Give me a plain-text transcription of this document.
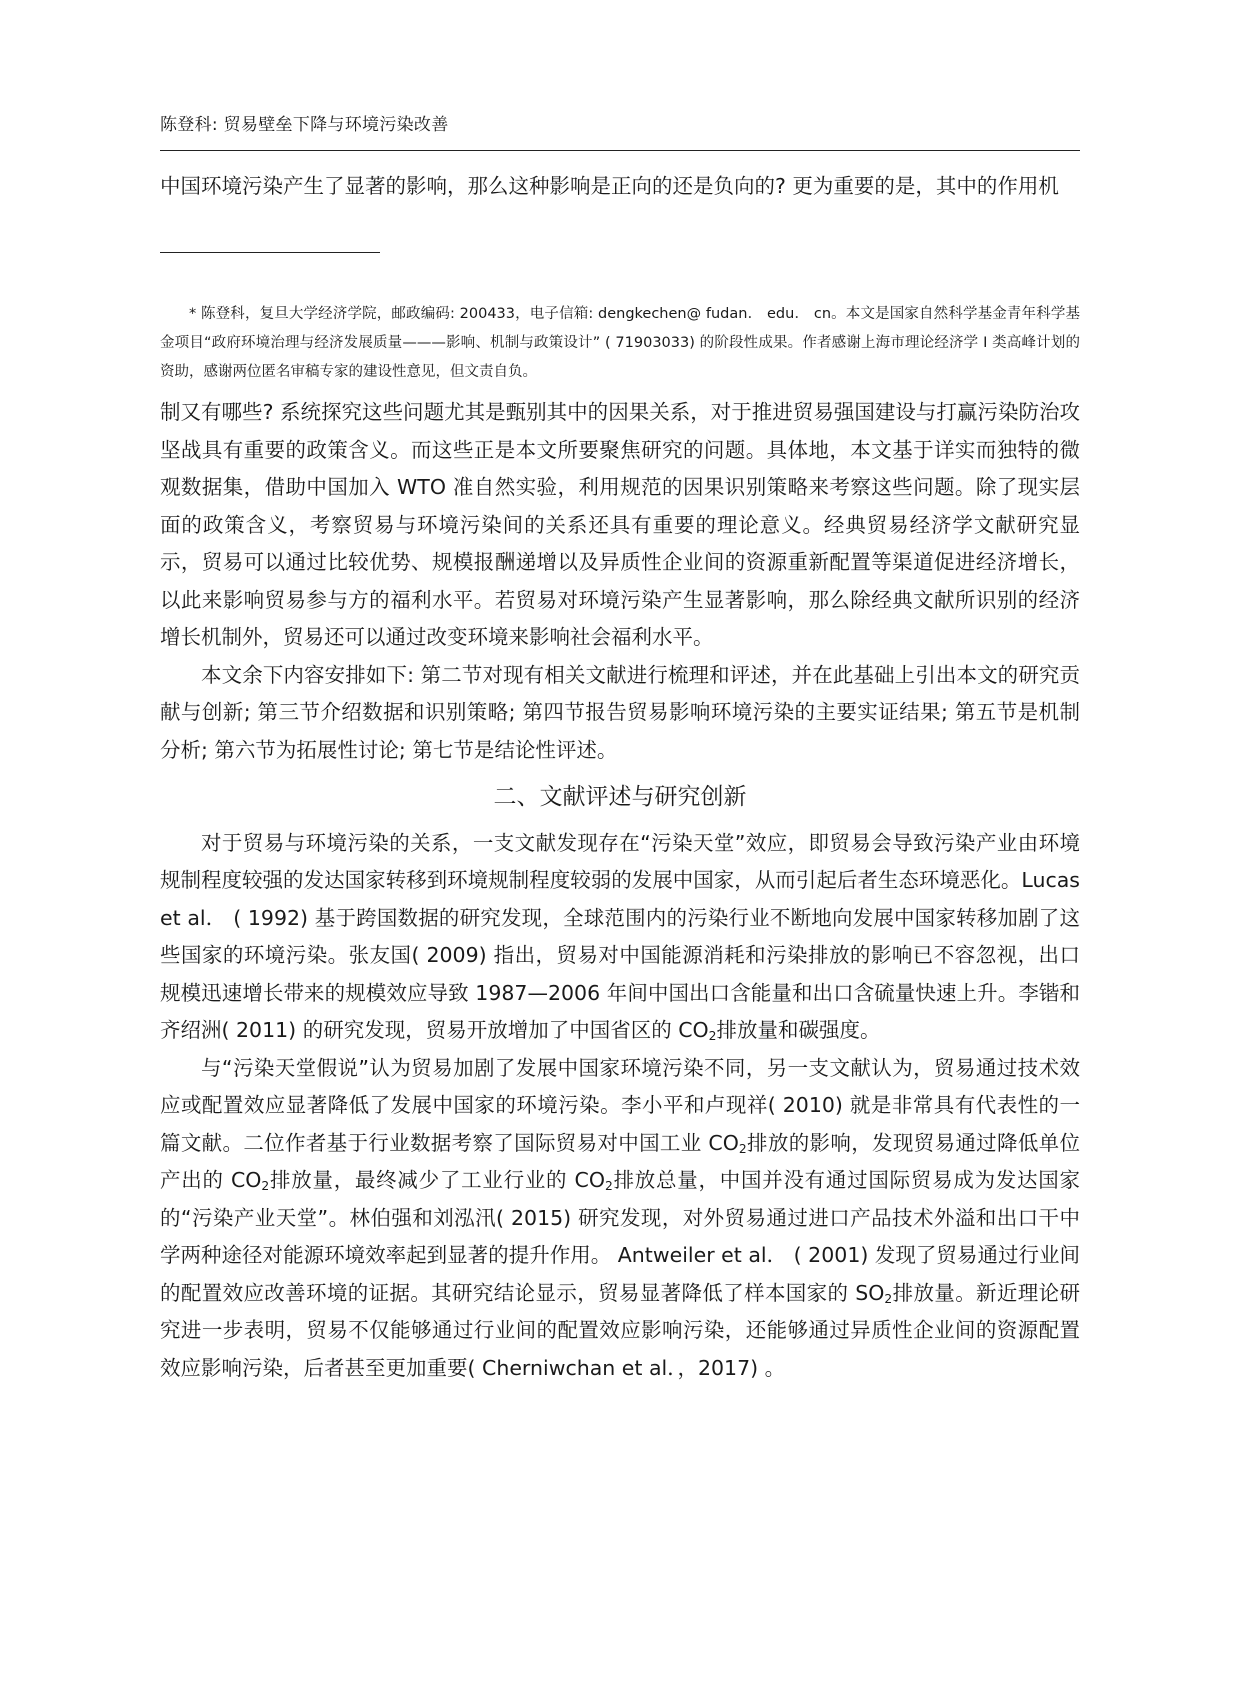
陈登科: 贸易壁垒下降与环境污染改善

中国环境污染产生了显著的影响，那么这种影响是正向的还是负向的? 更为重要的是，其中的作用机

* 陈登科，复旦大学经济学院，邮政编码: 200433，电子信箱: dengkechen@ fudan． edu． cn。本文是国家自然科学基金青年科学基金项目“政府环境治理与经济发展质量———影响、机制与政策设计” ( 71903033) 的阶段性成果。作者感谢上海市理论经济学 I 类高峰计划的资助，感谢两位匿名审稿专家的建设性意见，但文责自负。

制又有哪些? 系统探究这些问题尤其是甄别其中的因果关系，对于推进贸易强国建设与打赢污染防治攻坚战具有重要的政策含义。而这些正是本文所要聚焦研究的问题。具体地，本文基于详实而独特的微观数据集，借助中国加入 WTO 准自然实验，利用规范的因果识别策略来考察这些问题。除了现实层面的政策含义，考察贸易与环境污染间的关系还具有重要的理论意义。经典贸易经济学文献研究显示，贸易可以通过比较优势、规模报酬递增以及异质性企业间的资源重新配置等渠道促进经济增长，以此来影响贸易参与方的福利水平。若贸易对环境污染产生显著影响，那么除经典文献所识别的经济增长机制外，贸易还可以通过改变环境来影响社会福利水平。

本文余下内容安排如下: 第二节对现有相关文献进行梳理和评述，并在此基础上引出本文的研究贡献与创新; 第三节介绍数据和识别策略; 第四节报告贸易影响环境污染的主要实证结果; 第五节是机制分析; 第六节为拓展性讨论; 第七节是结论性评述。

二、文献评述与研究创新

对于贸易与环境污染的关系，一支文献发现存在“污染天堂”效应，即贸易会导致污染产业由环境规制程度较强的发达国家转移到环境规制程度较弱的发展中国家，从而引起后者生态环境恶化。Lucas et al． ( 1992) 基于跨国数据的研究发现，全球范围内的污染行业不断地向发展中国家转移加剧了这些国家的环境污染。张友国( 2009) 指出，贸易对中国能源消耗和污染排放的影响已不容忽视，出口规模迅速增长带来的规模效应导致 1987—2006 年间中国出口含能量和出口含硫量快速上升。李锴和齐绍洲( 2011) 的研究发现，贸易开放增加了中国省区的 $CO_2$排放量和碳强度。

与“污染天堂假说”认为贸易加剧了发展中国家环境污染不同，另一支文献认为，贸易通过技术效应或配置效应显著降低了发展中国家的环境污染。李小平和卢现祥( 2010) 就是非常具有代表性的一篇文献。二位作者基于行业数据考察了国际贸易对中国工业 $CO_2$排放的影响，发现贸易通过降低单位产出的 $CO_2$排放量，最终减少了工业行业的 $CO_2$排放总量，中国并没有通过国际贸易成为发达国家的“污染产业天堂”。林伯强和刘泓汛( 2015) 研究发现，对外贸易通过进口产品技术外溢和出口干中学两种途径对能源环境效率起到显著的提升作用。 Antweiler et al． ( 2001) 发现了贸易通过行业间的配置效应改善环境的证据。其研究结论显示，贸易显著降低了样本国家的 $SO_2$排放量。新近理论研究进一步表明，贸易不仅能够通过行业间的配置效应影响污染，还能够通过异质性企业间的资源配置效应影响污染，后者甚至更加重要( Cherniwchan et al．，2017) 。
